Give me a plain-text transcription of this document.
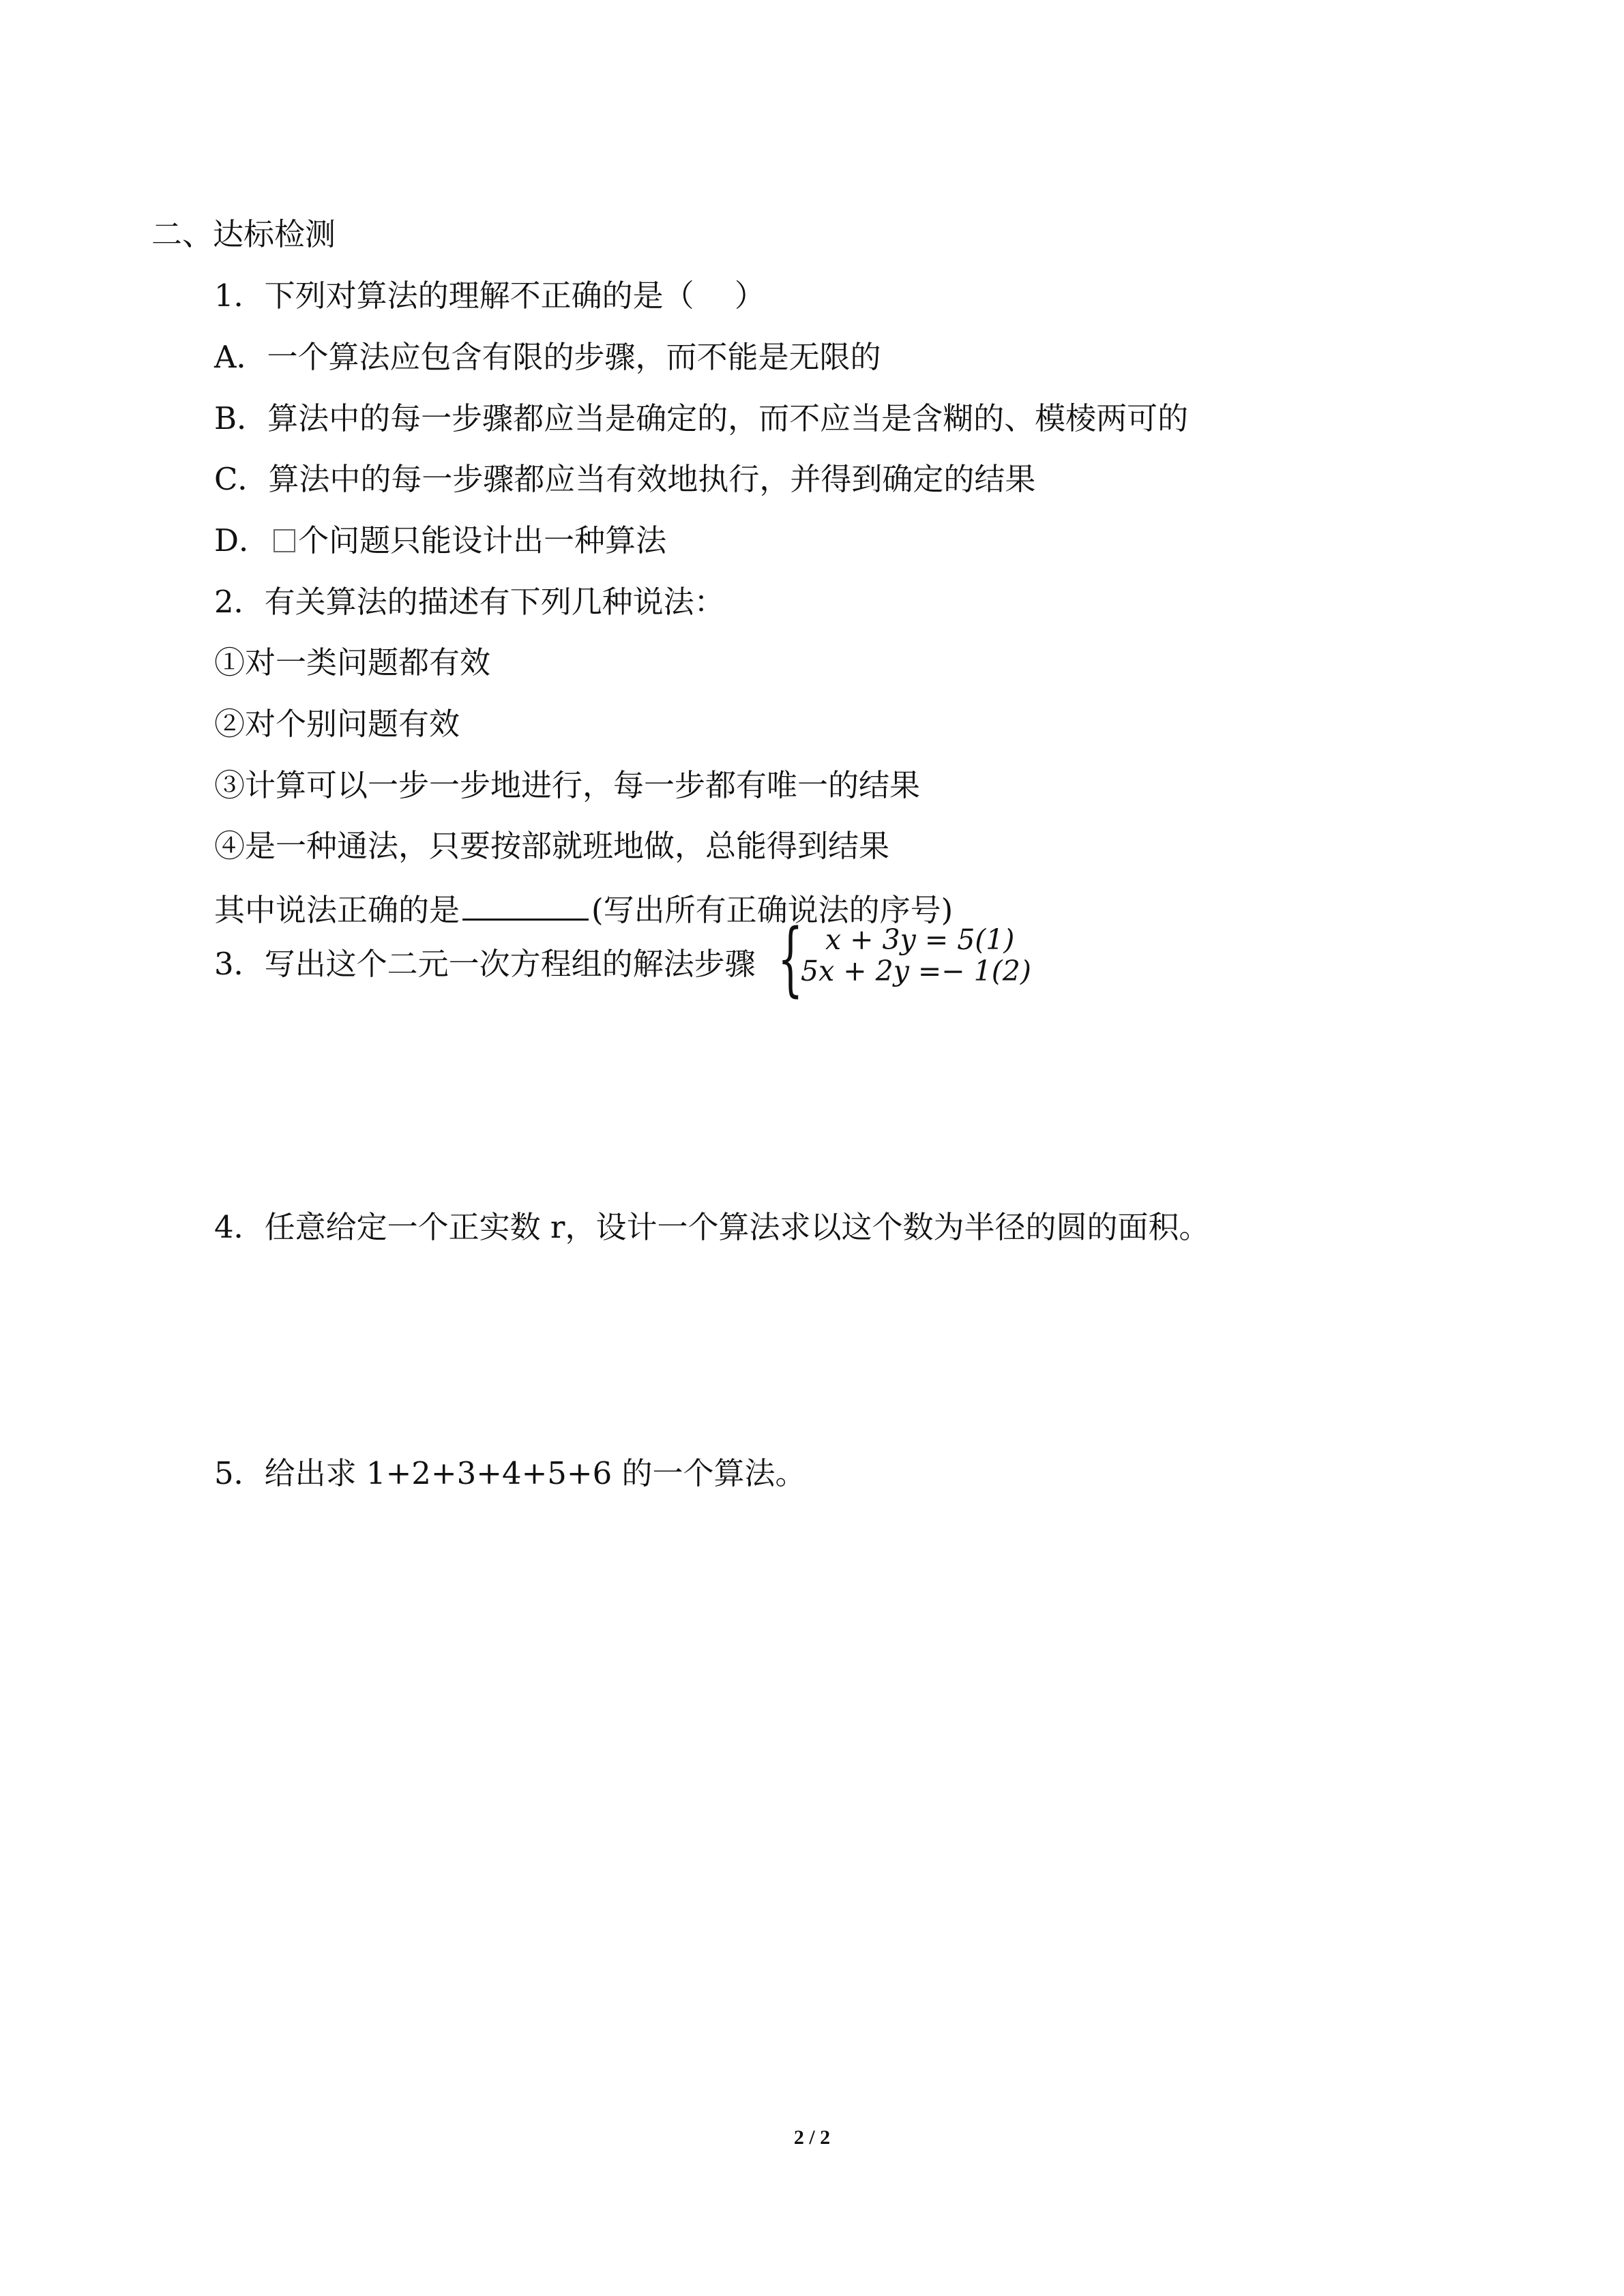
二、达标检测
1．下列对算法的理解不正确的是（　 ）
A．一个算法应包含有限的步骤，而不能是无限的
B．算法中的每一步骤都应当是确定的，而不应当是含糊的、模棱两可的
C．算法中的每一步骤都应当有效地执行，并得到确定的结果
D． 个问题只能设计出一种算法
2．有关算法的描述有下列几种说法：
①对一类问题都有效
②对个别问题有效
③计算可以一步一步地进行，每一步都有唯一的结果
④是一种通法，只要按部就班地做，总能得到结果
其中说法正确的是	(写出所有正确说法的序号)
3．写出这个二元一次方程组的解法步骤 { x + 3y = 5(1)
5x + 2y =− 1(2)
4．任意给定一个正实数 r，设计一个算法求以这个数为半径的圆的面积。
5．给出求 1+2+3+4+5+6 的一个算法。
2 / 2
